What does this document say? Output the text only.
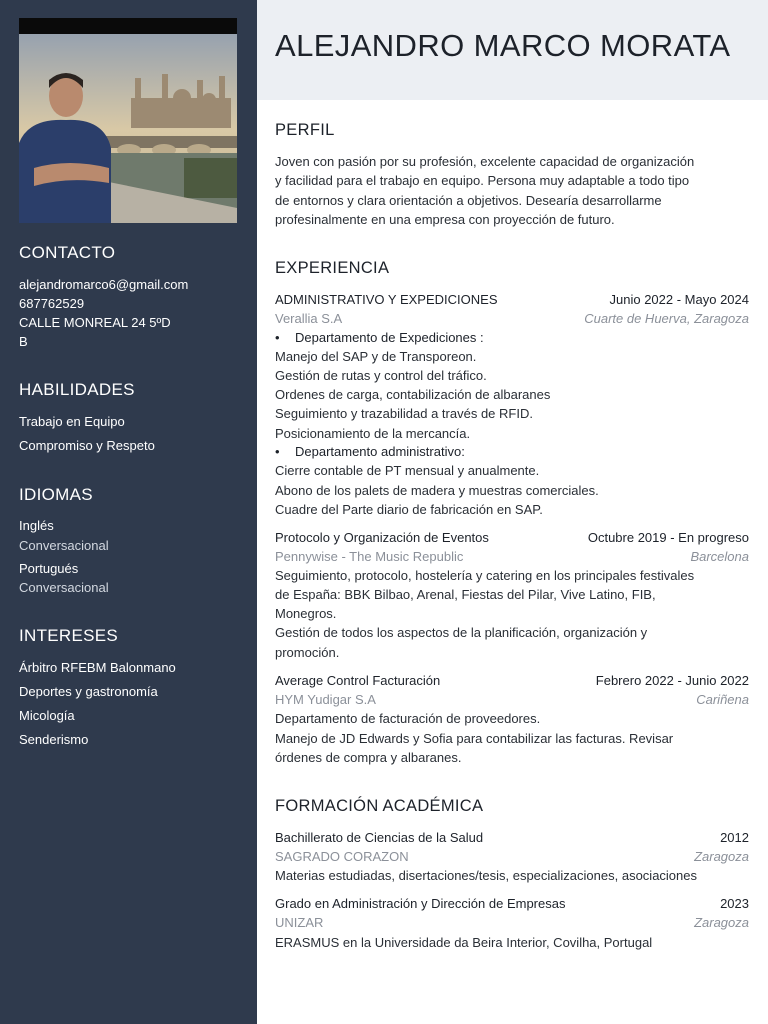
CONTACTO
alejandromarco6@gmail.com
687762529
CALLE MONREAL 24 5ºD
B
HABILIDADES
Trabajo en Equipo
Compromiso y Respeto
IDIOMAS
Inglés
Conversacional
Portugués
Conversacional
INTERESES
Árbitro RFEBM Balonmano
Deportes y gastronomía
Micología
Senderismo
ALEJANDRO MARCO MORATA
PERFIL
Joven con pasión por su profesión, excelente capacidad de organización
y facilidad para el trabajo en equipo. Persona muy adaptable a todo tipo
de entornos y clara orientación a objetivos. Desearía desarrollarme
profesinalmente en una empresa con proyección de futuro.
EXPERIENCIA
ADMINISTRATIVO Y EXPEDICIONES	Junio 2022 - Mayo 2024
Verallia S.A	Cuarte de Huerva, Zaragoza
• Departamento de Expediciones :
Manejo del SAP y de Transporeon.
Gestión de rutas y control del tráfico.
Ordenes de carga, contabilización de albaranes
Seguimiento y trazabilidad a través de RFID.
Posicionamiento de la mercancía.
• Departamento administrativo:
Cierre contable de PT mensual y anualmente.
Abono de los palets de madera y muestras comerciales.
Cuadre del Parte diario de fabricación en SAP.
Protocolo y Organización de Eventos	Octubre 2019 - En progreso
Pennywise - The Music Republic	Barcelona
Seguimiento, protocolo, hostelería y catering en los principales festivales
de España: BBK Bilbao, Arenal, Fiestas del Pilar, Vive Latino, FIB,
Monegros.
Gestión de todos los aspectos de la planificación, organización y
promoción.
Average Control Facturación	Febrero 2022 - Junio 2022
HYM Yudigar S.A	Cariñena
Departamento de facturación de proveedores.
Manejo de JD Edwards y Sofia para contabilizar las facturas. Revisar
órdenes de compra y albaranes.
FORMACIÓN ACADÉMICA
Bachillerato de Ciencias de la Salud	2012
SAGRADO CORAZON	Zaragoza
Materias estudiadas, disertaciones/tesis, especializaciones, asociaciones
Grado en Administración y Dirección de Empresas	2023
UNIZAR	Zaragoza
ERASMUS en la Universidade da Beira Interior, Covilha, Portugal
